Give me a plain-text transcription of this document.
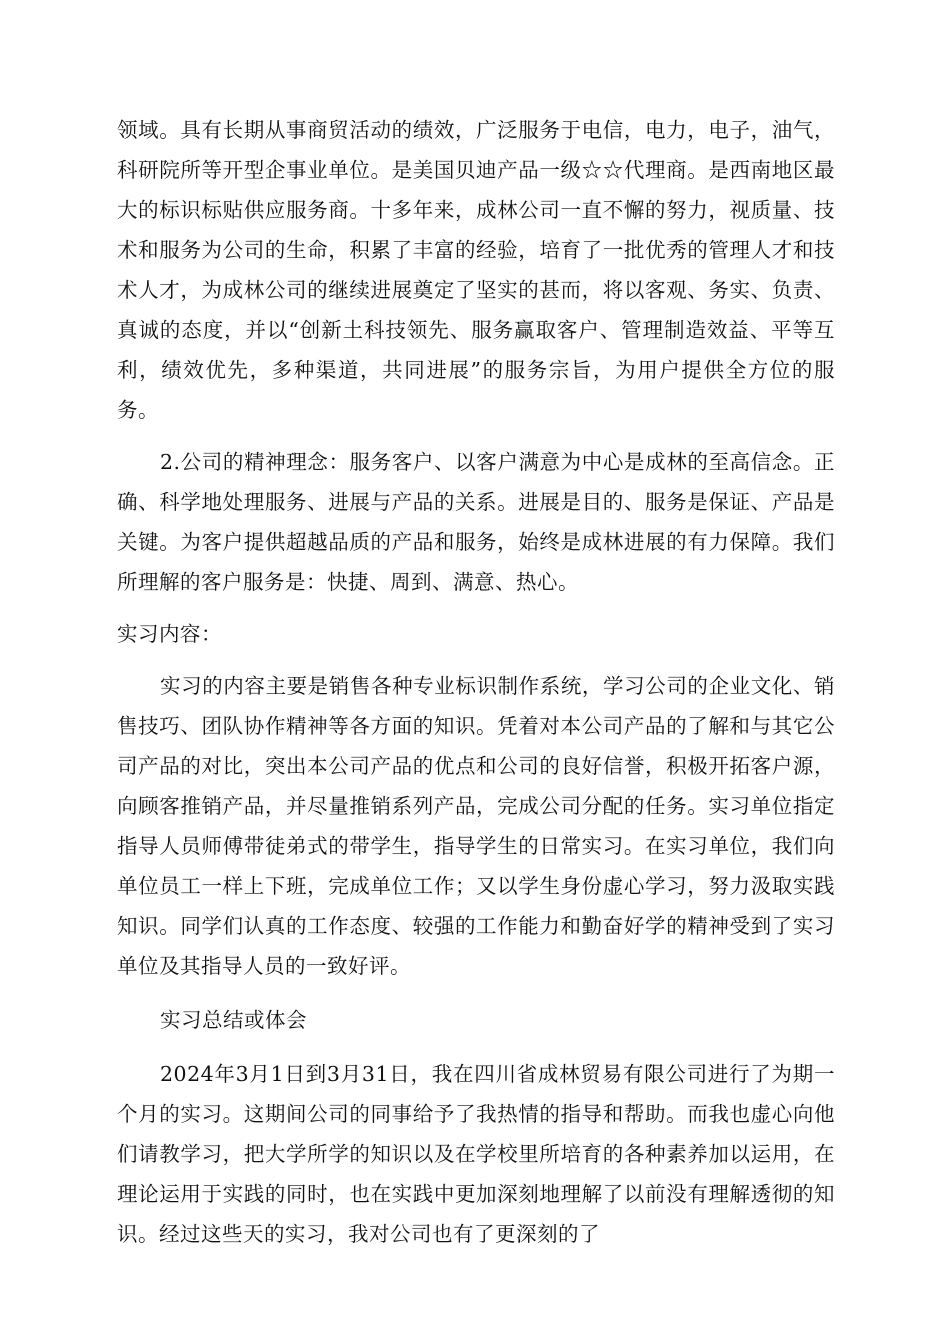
领域。具有长期从事商贸活动的绩效，广泛服务于电信，电力，电子，油气，科研院所等开型企事业单位。是美国贝迪产品一级☆☆代理商。是西南地区最大的标识标贴供应服务商。十多年来，成林公司一直不懈的努力，视质量、技术和服务为公司的生命，积累了丰富的经验，培育了一批优秀的管理人才和技术人才，为成林公司的继续进展奠定了坚实的甚而，将以客观、务实、负责、真诚的态度，并以“创新土科技领先、服务赢取客户、管理制造效益、平等互利，绩效优先，多种渠道，共同进展”的服务宗旨，为用户提供全方位的服务。

2.公司的精神理念：服务客户、以客户满意为中心是成林的至高信念。正确、科学地处理服务、进展与产品的关系。进展是目的、服务是保证、产品是关键。为客户提供超越品质的产品和服务，始终是成林进展的有力保障。我们所理解的客户服务是：快捷、周到、满意、热心。

实习内容：

实习的内容主要是销售各种专业标识制作系统，学习公司的企业文化、销售技巧、团队协作精神等各方面的知识。凭着对本公司产品的了解和与其它公司产品的对比，突出本公司产品的优点和公司的良好信誉，积极开拓客户源，向顾客推销产品，并尽量推销系列产品，完成公司分配的任务。实习单位指定指导人员师傅带徒弟式的带学生，指导学生的日常实习。在实习单位，我们向单位员工一样上下班，完成单位工作；又以学生身份虚心学习，努力汲取实践知识。同学们认真的工作态度、较强的工作能力和勤奋好学的精神受到了实习单位及其指导人员的一致好评。

实习总结或体会

2024年3月1日到3月31日，我在四川省成林贸易有限公司进行了为期一个月的实习。这期间公司的同事给予了我热情的指导和帮助。而我也虚心向他们请教学习，把大学所学的知识以及在学校里所培育的各种素养加以运用，在理论运用于实践的同时，也在实践中更加深刻地理解了以前没有理解透彻的知识。经过这些天的实习，我对公司也有了更深刻的了
